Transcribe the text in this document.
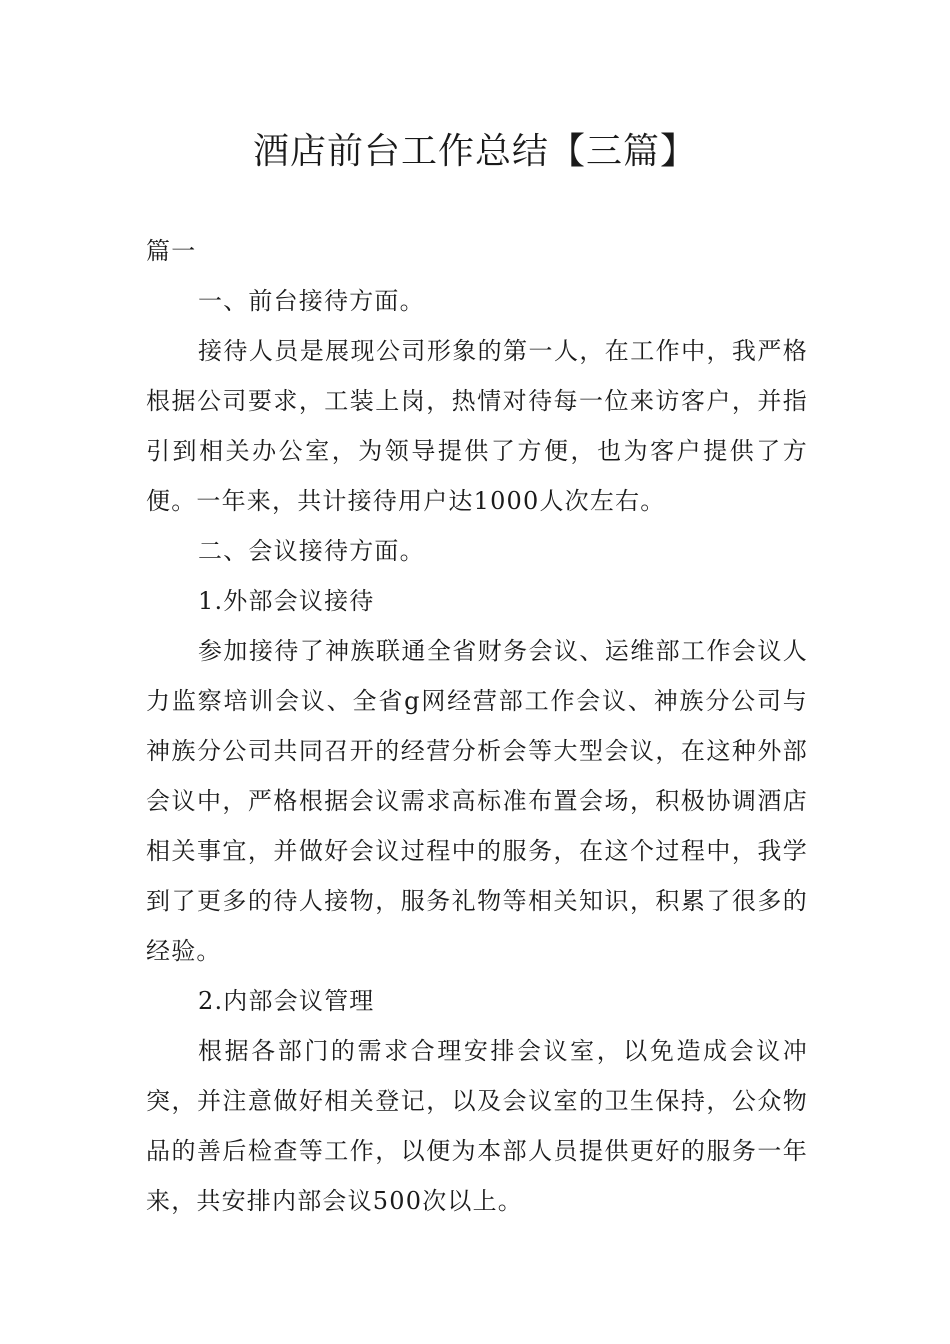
酒店前台工作总结【三篇】

篇一

一、前台接待方面。

接待人员是展现公司形象的第一人，在工作中，我严格根据公司要求，工装上岗，热情对待每一位来访客户，并指引到相关办公室，为领导提供了方便，也为客户提供了方便。一年来，共计接待用户达1000人次左右。

二、会议接待方面。

1.外部会议接待

参加接待了神族联通全省财务会议、运维部工作会议人力监察培训会议、全省g网经营部工作会议、神族分公司与神族分公司共同召开的经营分析会等大型会议，在这种外部会议中，严格根据会议需求高标准布置会场，积极协调酒店相关事宜，并做好会议过程中的服务，在这个过程中，我学到了更多的待人接物，服务礼物等相关知识，积累了很多的经验。

2.内部会议管理

根据各部门的需求合理安排会议室，以免造成会议冲突，并注意做好相关登记，以及会议室的卫生保持，公众物品的善后检查等工作，以便为本部人员提供更好的服务一年来，共安排内部会议500次以上。
